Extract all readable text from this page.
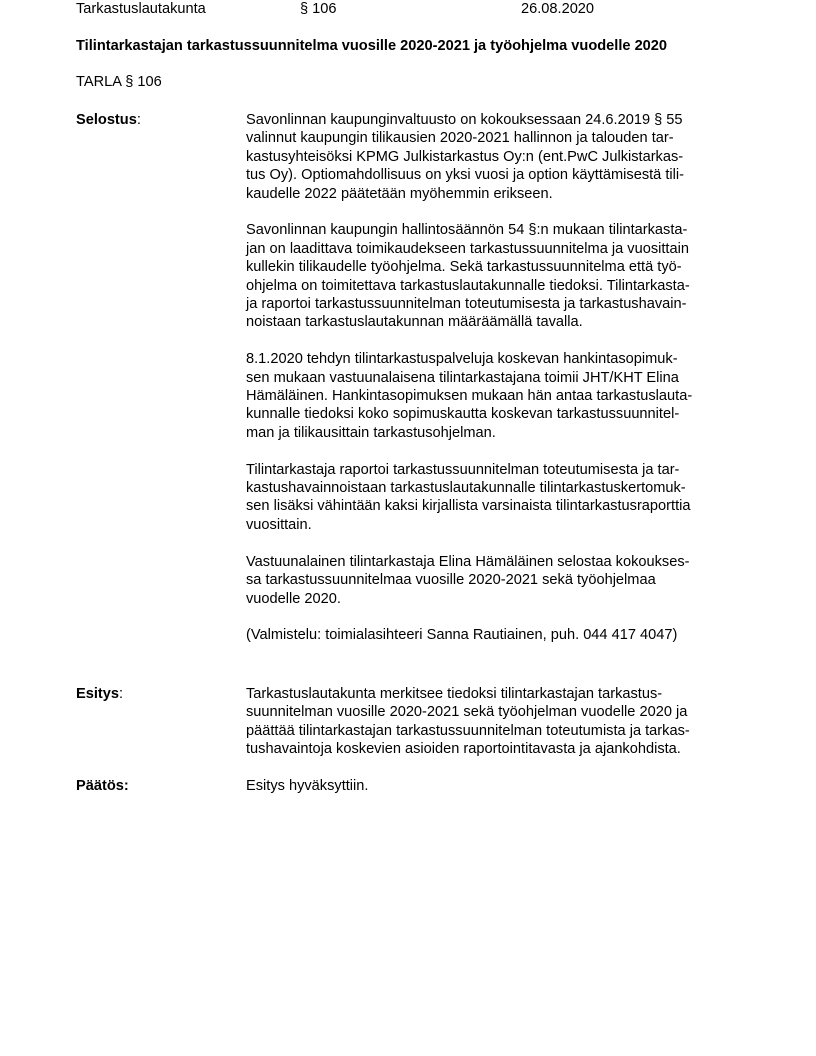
Tarkastuslautakunta	§ 106	26.08.2020
Tilintarkastajan tarkastussuunnitelma vuosille 2020-2021 ja työohjelma vuodelle 2020
TARLA § 106
Selostus:	Savonlinnan kaupunginvaltuusto on kokouksessaan 24.6.2019 § 55
valinnut kaupungin tilikausien 2020-2021 hallinnon ja talouden tar-
kastusyhteisöksi KPMG Julkistarkastus Oy:n (ent.PwC Julkistarkas-
tus Oy). Optiomahdollisuus on yksi vuosi ja option käyttämisestä tili-
kaudelle 2022 päätetään myöhemmin erikseen.

Savonlinnan kaupungin hallintosäännön 54 §:n mukaan tilintarkasta-
jan on laadittava toimikaudekseen tarkastussuunnitelma ja vuosittain
kullekin tilikaudelle työohjelma. Sekä tarkastussuunnitelma että työ-
ohjelma on toimitettava tarkastuslautakunnalle tiedoksi. Tilintarkasta-
ja raportoi tarkastussuunnitelman toteutumisesta ja tarkastushavain-
noistaan tarkastuslautakunnan määräämällä tavalla.

8.1.2020 tehdyn tilintarkastuspalveluja koskevan hankintasopimuk-
sen mukaan vastuunalaisena tilintarkastajana toimii JHT/KHT Elina
Hämäläinen. Hankintasopimuksen mukaan hän antaa tarkastuslauta-
kunnalle tiedoksi koko sopimuskautta koskevan tarkastussuunnitel-
man ja tilikausittain tarkastusohjelman.

Tilintarkastaja raportoi tarkastussuunnitelman toteutumisesta ja tar-
kastushavainnoistaan tarkastuslautakunnalle tilintarkastuskertomuk-
sen lisäksi vähintään kaksi kirjallista varsinaista tilintarkastusraporttia
vuosittain.

Vastuunalainen tilintarkastaja Elina Hämäläinen selostaa kokoukses-
sa tarkastussuunnitelmaa vuosille 2020-2021 sekä työohjelmaa
vuodelle 2020.

(Valmistelu: toimialasihteeri Sanna Rautiainen, puh. 044 417 4047)

Esitys:	Tarkastuslautakunta merkitsee tiedoksi tilintarkastajan tarkastus-
suunnitelman vuosille 2020-2021 sekä työohjelman vuodelle 2020 ja
päättää tilintarkastajan tarkastussuunnitelman toteutumista ja tarkas-
tushavaintoja koskevien asioiden raportointitavasta ja ajankohdista.
Päätös:	Esitys hyväksyttiin.
